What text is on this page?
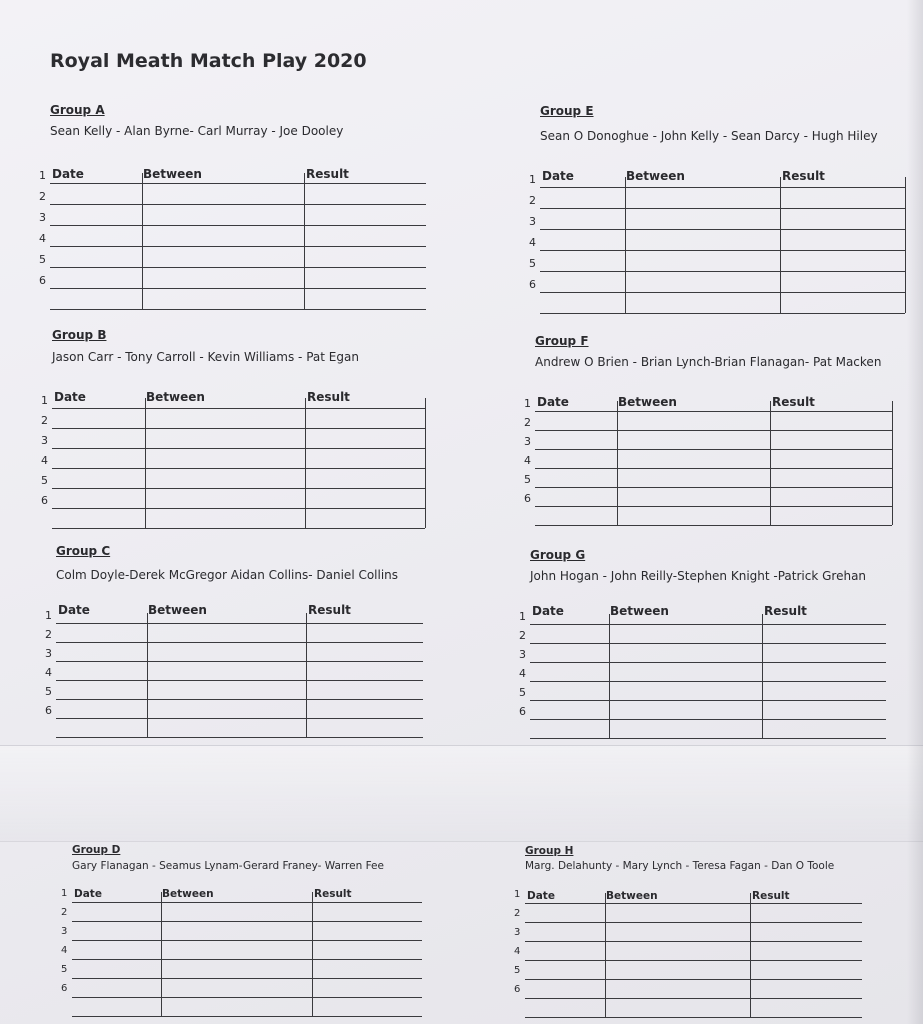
Royal Meath Match Play 2020
Group A
Sean Kelly - Alan Byrne- Carl Murray - Joe Dooley
Date	Between	Result
1
2
3
4
5
6
Group B
Jason Carr - Tony Carroll - Kevin Williams - Pat Egan
Date	Between	Result
1
2
3
4
5
6
Group C
Colm Doyle-Derek McGregor Aidan Collins- Daniel Collins
Date	Between	Result
1
2
3
4
5
6
Group D
Gary Flanagan - Seamus Lynam-Gerard Franey- Warren Fee
Date	Between	Result
1
2
3
4
5
6
Group E
Sean O Donoghue - John Kelly - Sean Darcy - Hugh Hiley
Date	Between	Result
1
2
3
4
5
6
Group F
Andrew O Brien - Brian Lynch-Brian Flanagan- Pat Macken
Date	Between	Result
1
2
3
4
5
6
Group G
John Hogan - John Reilly-Stephen Knight -Patrick Grehan
Date	Between	Result
1
2
3
4
5
6
Group H
Marg. Delahunty - Mary Lynch - Teresa Fagan - Dan O Toole
Date	Between	Result
1
2
3
4
5
6
